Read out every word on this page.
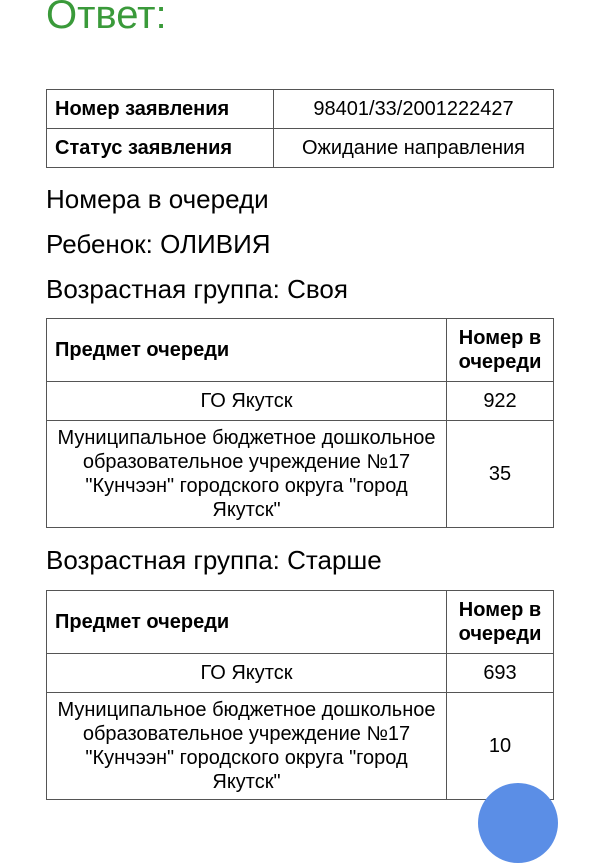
Ответ:
Номер заявления	98401/33/2001222427
Статус заявления	Ожидание направления
Номера в очереди
Ребенок: ОЛИВИЯ
Возрастная группа: Своя
Предмет очереди	Номер в очереди
ГО Якутск	922
Муниципальное бюджетное дошкольное образовательное учреждение №17 "Кунчээн" городского округа "город Якутск"	35
Возрастная группа: Старше
Предмет очереди	Номер в очереди
ГО Якутск	693
Муниципальное бюджетное дошкольное образовательное учреждение №17 "Кунчээн" городского округа "город Якутск"	10
